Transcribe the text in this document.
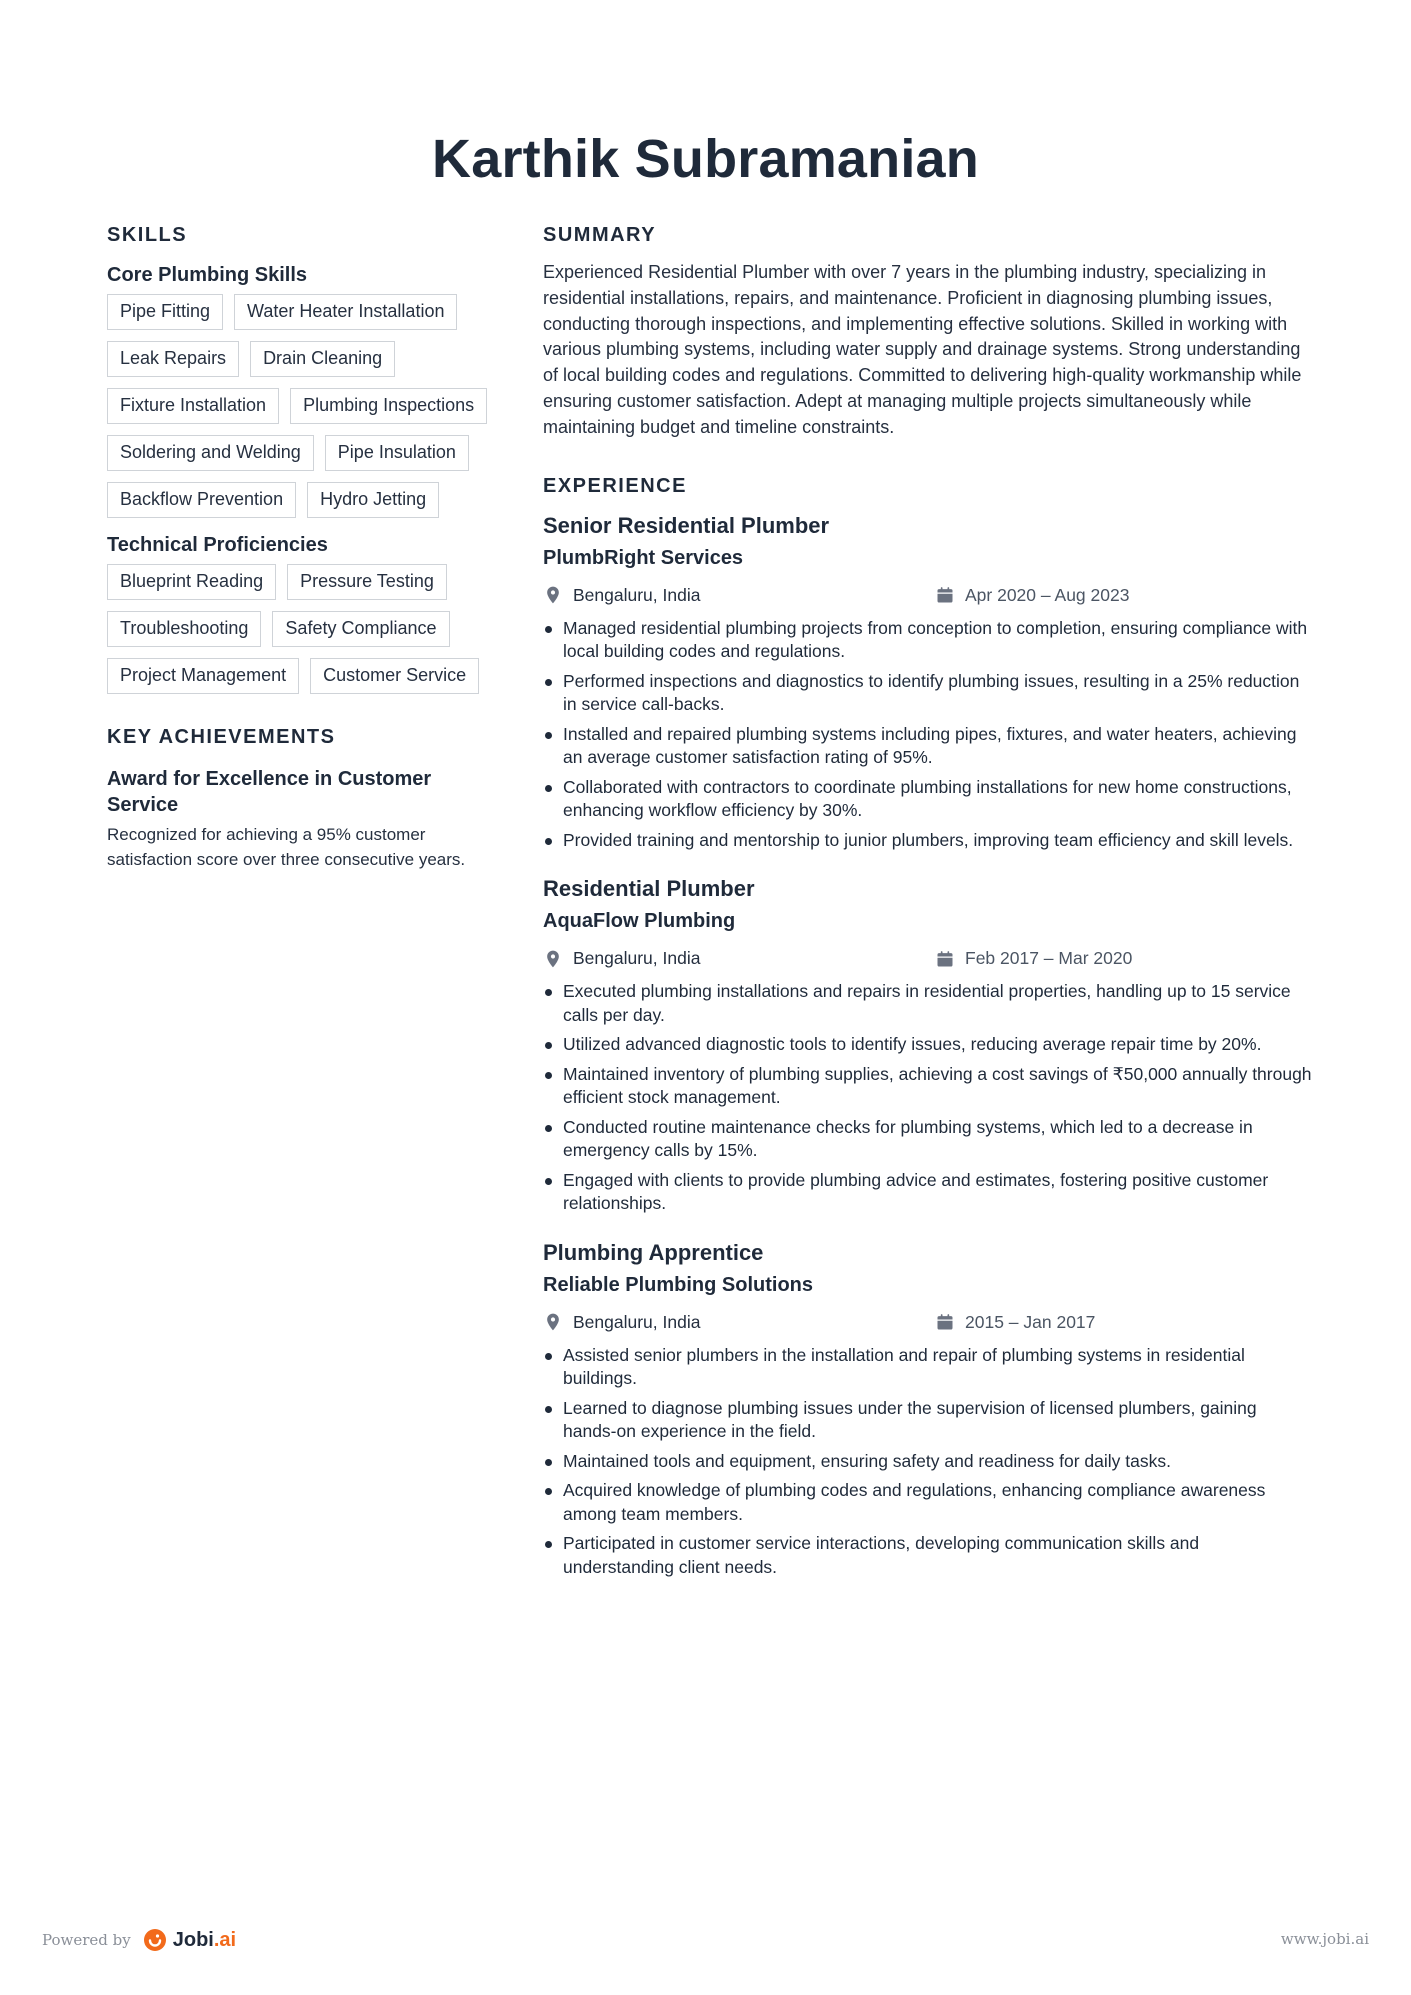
Karthik Subramanian
SKILLS
Core Plumbing Skills
Pipe Fitting	Water Heater Installation
Leak Repairs	Drain Cleaning
Fixture Installation	Plumbing Inspections
Soldering and Welding	Pipe Insulation
Backflow Prevention	Hydro Jetting
Technical Proficiencies
Blueprint Reading	Pressure Testing
Troubleshooting	Safety Compliance
Project Management	Customer Service
KEY ACHIEVEMENTS
Award for Excellence in Customer Service
Recognized for achieving a 95% customer satisfaction score over three consecutive years.
SUMMARY

Experienced Residential Plumber with over 7 years in the plumbing industry, specializing in residential installations, repairs, and maintenance. Proficient in diagnosing plumbing issues, conducting thorough inspections, and implementing effective solutions. Skilled in working with various plumbing systems, including water supply and drainage systems. Strong understanding of local building codes and regulations. Committed to delivering high-quality workmanship while ensuring customer satisfaction. Adept at managing multiple projects simultaneously while maintaining budget and timeline constraints.

EXPERIENCE
Senior Residential Plumber
PlumbRight Services
Bengaluru, India	Apr 2020 – Aug 2023
Managed residential plumbing projects from conception to completion, ensuring compliance with local building codes and regulations.
Performed inspections and diagnostics to identify plumbing issues, resulting in a 25% reduction in service call-backs.
Installed and repaired plumbing systems including pipes, fixtures, and water heaters, achieving an average customer satisfaction rating of 95%.
Collaborated with contractors to coordinate plumbing installations for new home constructions, enhancing workflow efficiency by 30%.
Provided training and mentorship to junior plumbers, improving team efficiency and skill levels.
Residential Plumber
AquaFlow Plumbing
Bengaluru, India	Feb 2017 – Mar 2020
Executed plumbing installations and repairs in residential properties, handling up to 15 service calls per day.
Utilized advanced diagnostic tools to identify issues, reducing average repair time by 20%.
Maintained inventory of plumbing supplies, achieving a cost savings of ₹50,000 annually through efficient stock management.
Conducted routine maintenance checks for plumbing systems, which led to a decrease in emergency calls by 15%.
Engaged with clients to provide plumbing advice and estimates, fostering positive customer relationships.
Plumbing Apprentice
Reliable Plumbing Solutions
Bengaluru, India	2015 – Jan 2017
Assisted senior plumbers in the installation and repair of plumbing systems in residential buildings.
Learned to diagnose plumbing issues under the supervision of licensed plumbers, gaining hands-on experience in the field.
Maintained tools and equipment, ensuring safety and readiness for daily tasks.
Acquired knowledge of plumbing codes and regulations, enhancing compliance awareness among team members.
Participated in customer service interactions, developing communication skills and understanding client needs.
Powered by Jobi .ai	www.jobi.ai
